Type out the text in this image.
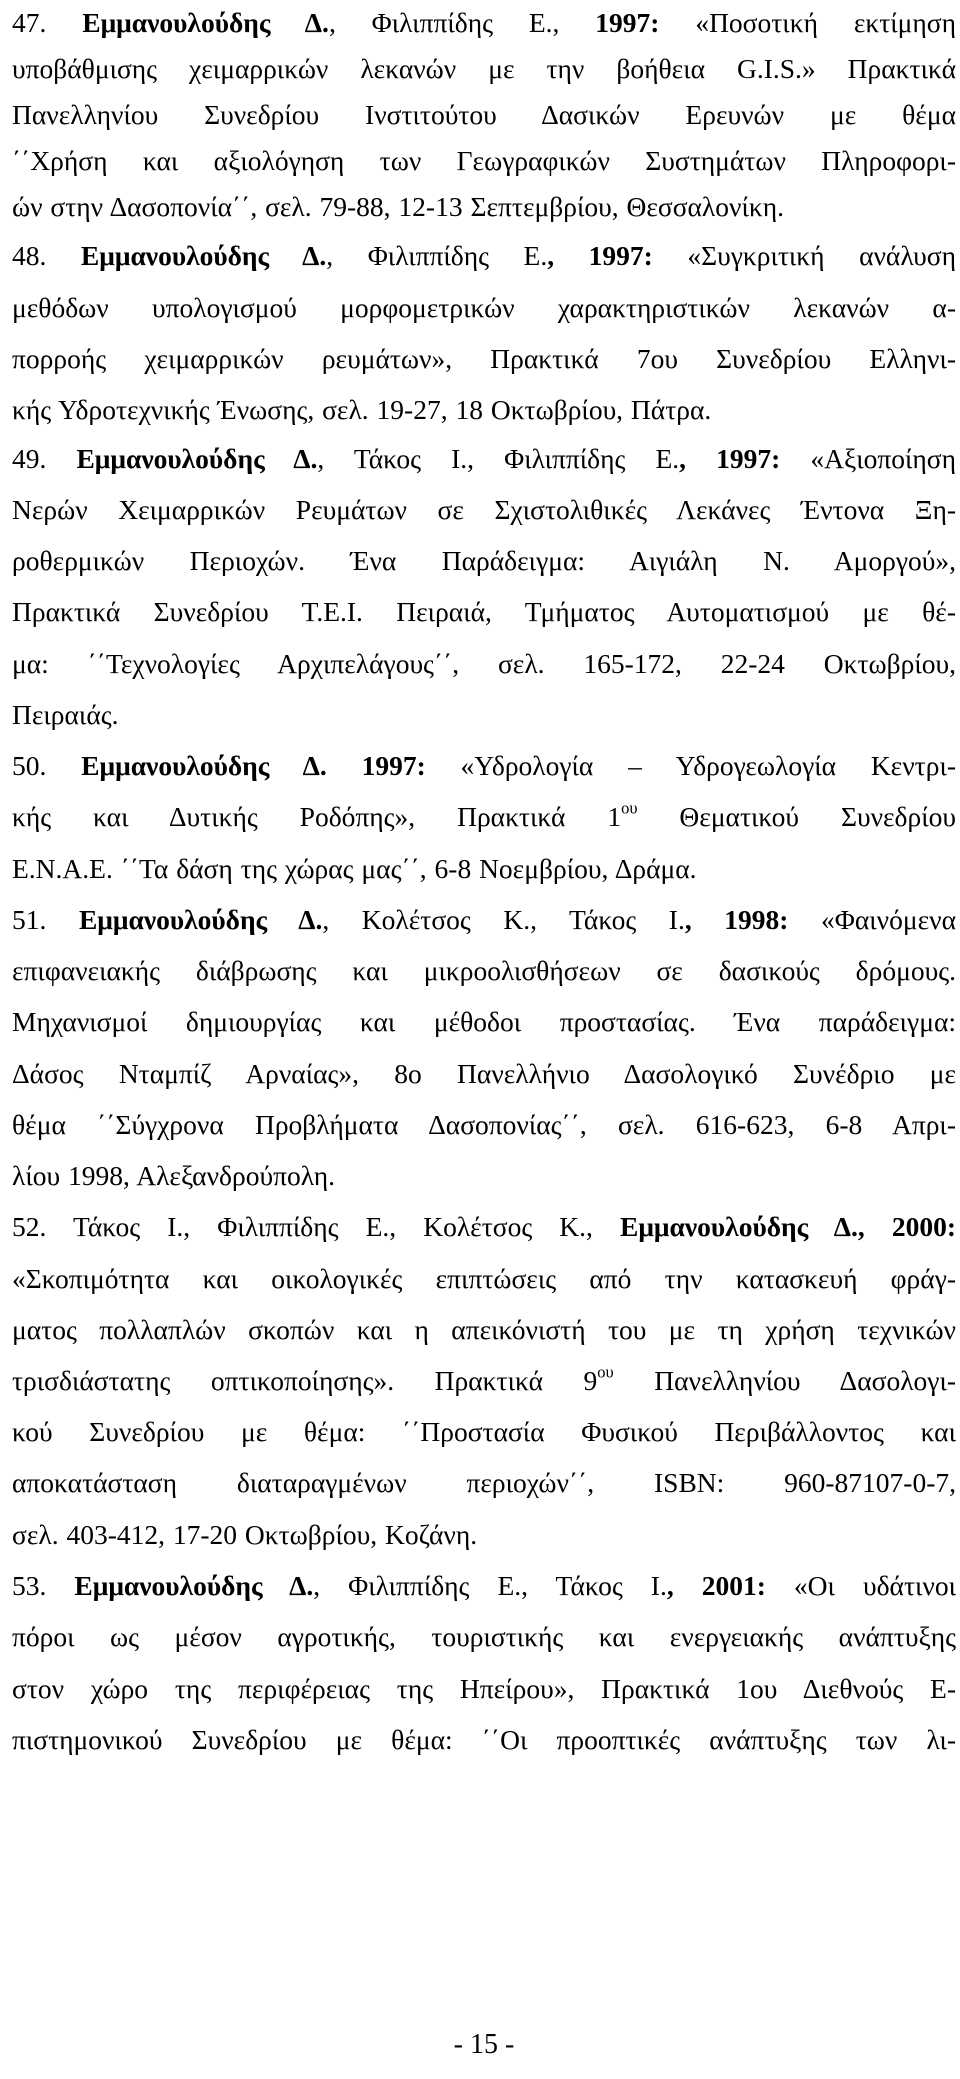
47. Εμμανουλούδης Δ., Φιλιππίδης Ε., 1997: «Ποσοτική εκτίμηση
υποβάθμισης χειμαρρικών λεκανών με την βοήθεια G.I.S.» Πρακτικά
Πανελληνίου Συνεδρίου Ινστιτούτου Δασικών Ερευνών με θέμα
΄΄Χρήση και αξιολόγηση των Γεωγραφικών Συστημάτων Πληροφορι-
ών στην Δασοπονία΄΄, σελ. 79-88, 12-13 Σεπτεμβρίου, Θεσσαλονίκη.
48. Εμμανουλούδης Δ., Φιλιππίδης Ε., 1997: «Συγκριτική ανάλυση
μεθόδων υπολογισμού μορφομετρικών χαρακτηριστικών λεκανών α-
πορροής χειμαρρικών ρευμάτων», Πρακτικά 7ου Συνεδρίου Ελληνι-
κής Υδροτεχνικής Ένωσης, σελ. 19-27, 18 Οκτωβρίου, Πάτρα.
49. Εμμανουλούδης Δ., Τάκος Ι., Φιλιππίδης Ε., 1997: «Αξιοποίηση
Νερών Χειμαρρικών Ρευμάτων σε Σχιστολιθικές Λεκάνες Έντονα Ξη-
ροθερμικών Περιοχών. Ένα Παράδειγμα: Αιγιάλη Ν. Αμοργού»,
Πρακτικά Συνεδρίου Τ.Ε.Ι. Πειραιά, Τμήματος Αυτοματισμού με θέ-
μα: ΄΄Τεχνολογίες Αρχιπελάγους΄΄, σελ. 165-172, 22-24 Οκτωβρίου,
Πειραιάς.
50. Εμμανουλούδης Δ. 1997: «Υδρολογία – Υδρογεωλογία Κεντρι-
κής και Δυτικής Ροδόπης», Πρακτικά $1^{o\upsilon}$ Θεματικού Συνεδρίου
Ε.Ν.Α.Ε. ΄΄Τα δάση της χώρας μας΄΄, 6-8 Νοεμβρίου, Δράμα.
51. Εμμανουλούδης Δ., Κολέτσος Κ., Τάκος Ι., 1998: «Φαινόμενα
επιφανειακής διάβρωσης και μικροολισθήσεων σε δασικούς δρόμους.
Μηχανισμοί δημιουργίας και μέθοδοι προστασίας. Ένα παράδειγμα:
Δάσος Νταμπίζ Αρναίας», 8ο Πανελλήνιο Δασολογικό Συνέδριο με
θέμα ΄΄Σύγχρονα Προβλήματα Δασοπονίας΄΄, σελ. 616-623, 6-8 Απρι-
λίου 1998, Αλεξανδρούπολη.
52. Τάκος Ι., Φιλιππίδης Ε., Κολέτσος Κ., Εμμανουλούδης Δ., 2000:
«Σκοπιμότητα και οικολογικές επιπτώσεις από την κατασκευή φράγ-
ματος πολλαπλών σκοπών και η απεικόνιστή του με τη χρήση τεχνικών
τρισδιάστατης οπτικοποίησης». Πρακτικά $9^{o\upsilon}$ Πανελληνίου Δασολογι-
κού Συνεδρίου με θέμα: ΄΄Προστασία Φυσικού Περιβάλλοντος και
αποκατάσταση διαταραγμένων περιοχών΄΄, ISBN: 960-87107-0-7,
σελ. 403-412, 17-20 Οκτωβρίου, Κοζάνη.
53. Εμμανουλούδης Δ., Φιλιππίδης Ε., Τάκος Ι., 2001: «Οι υδάτινοι
πόροι ως μέσον αγροτικής, τουριστικής και ενεργειακής ανάπτυξης
στον χώρο της περιφέρειας της Ηπείρου», Πρακτικά 1ου Διεθνούς Ε-
πιστημονικού Συνεδρίου με θέμα: ΄΄Οι προοπτικές ανάπτυξης των λι-
- 15 -
